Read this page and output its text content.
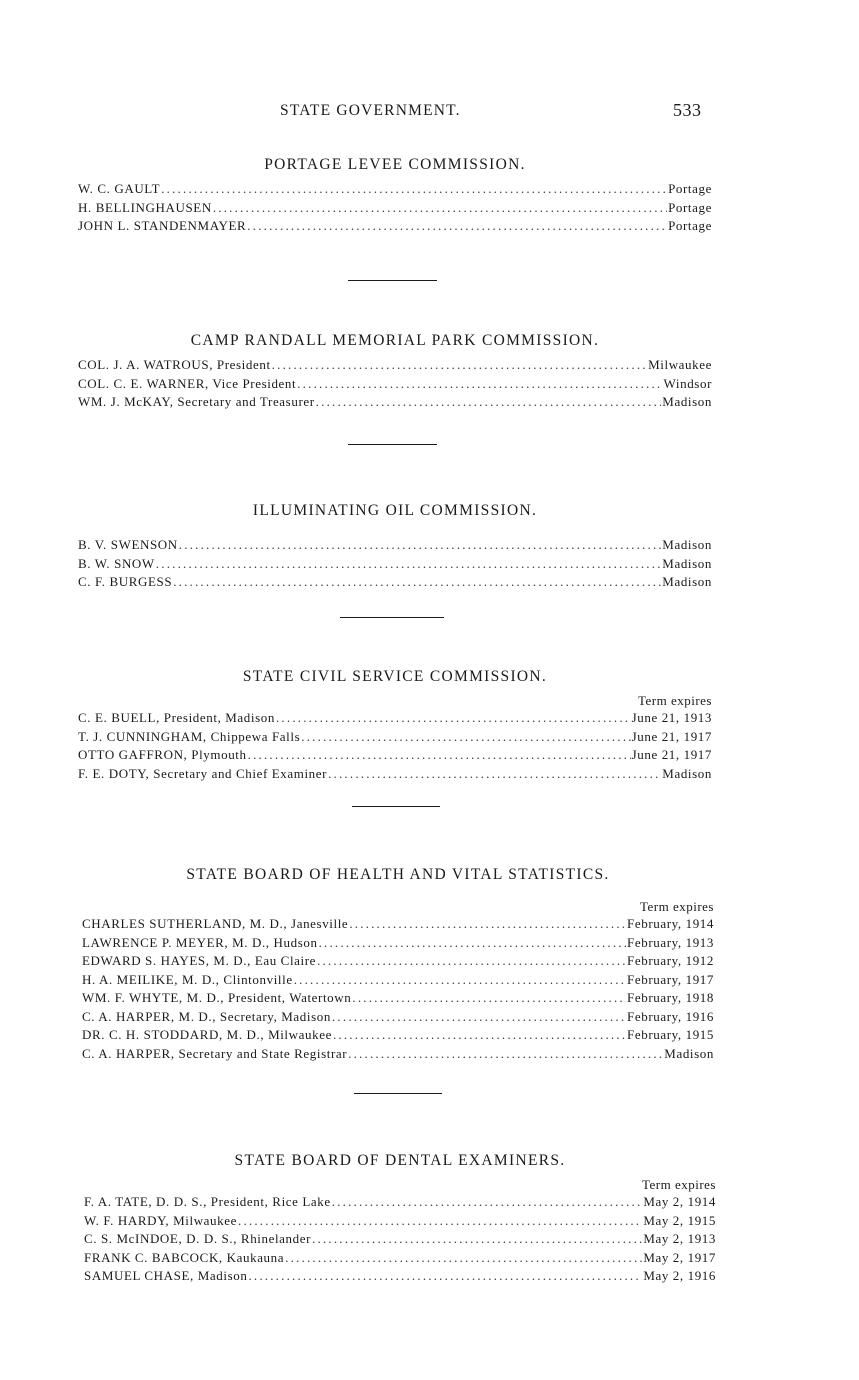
STATE GOVERNMENT.	533
PORTAGE LEVEE COMMISSION.
W. C. GAULT .....	Portage
H. BELLINGHAUSEN .....	Portage
JOHN L. STANDENMAYER .....	Portage
CAMP RANDALL MEMORIAL PARK COMMISSION.
COL. J. A. WATROUS, President .....	Milwaukee
COL. C. E. WARNER, Vice President .....	Windsor
WM. J. McKAY, Secretary and Treasurer .....	Madison
ILLUMINATING OIL COMMISSION.
B. V. SWENSON .....	Madison
B. W. SNOW .....	Madison
C. F. BURGESS .....	Madison
STATE CIVIL SERVICE COMMISSION.
Term expires
C. E. BUELL, President, Madison .....	June 21, 1913
T. J. CUNNINGHAM, Chippewa Falls .....	June 21, 1917
OTTO GAFFRON, Plymouth .....	June 21, 1917
F. E. DOTY, Secretary and Chief Examiner .....	Madison
STATE BOARD OF HEALTH AND VITAL STATISTICS.
Term expires
CHARLES SUTHERLAND, M. D., Janesville .....	February, 1914
LAWRENCE P. MEYER, M. D., Hudson .....	February, 1913
EDWARD S. HAYES, M. D., Eau Claire .....	February, 1912
H. A. MEILIKE, M. D., Clintonville .....	February, 1917
WM. F. WHYTE, M. D., President, Watertown .....	February, 1918
C. A. HARPER, M. D., Secretary, Madison .....	February, 1916
DR. C. H. STODDARD, M. D., Milwaukee .....	February, 1915
C. A. HARPER, Secretary and State Registrar .....	Madison
STATE BOARD OF DENTAL EXAMINERS.
Term expires
F. A. TATE, D. D. S., President, Rice Lake .....	May 2, 1914
W. F. HARDY, Milwaukee .....	May 2, 1915
C. S. McINDOE, D. D. S., Rhinelander .....	May 2, 1913
FRANK C. BABCOCK, Kaukauna .....	May 2, 1917
SAMUEL CHASE, Madison .....	May 2, 1916
